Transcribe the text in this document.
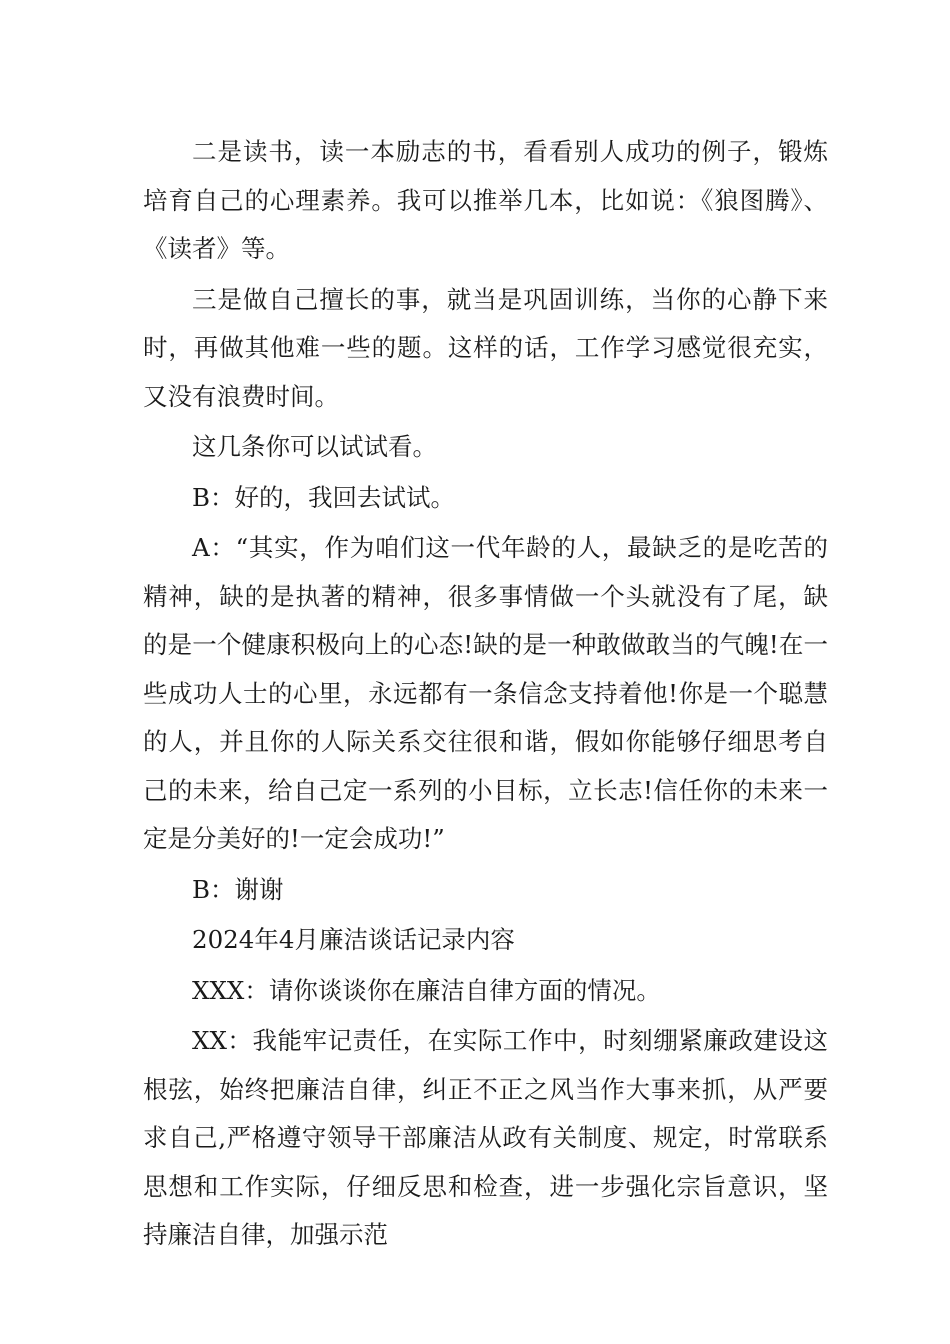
二是读书，读一本励志的书，看看别人成功的例子，锻炼培育自己的心理素养。我可以推举几本，比如说：《狼图腾》、《读者》等。

三是做自己擅长的事，就当是巩固训练，当你的心静下来时，再做其他难一些的题。这样的话，工作学习感觉很充实，又没有浪费时间。

这几条你可以试试看。

B：好的，我回去试试。

A：“其实，作为咱们这一代年龄的人，最缺乏的是吃苦的精神，缺的是执著的精神，很多事情做一个头就没有了尾，缺的是一个健康积极向上的心态!缺的是一种敢做敢当的气魄!在一些成功人士的心里，永远都有一条信念支持着他!你是一个聪慧的人，并且你的人际关系交往很和谐，假如你能够仔细思考自己的未来，给自己定一系列的小目标，立长志!信任你的未来一定是分美好的!一定会成功!”

B：谢谢

2024年4月廉洁谈话记录内容

XXX：请你谈谈你在廉洁自律方面的情况。

XX：我能牢记责任，在实际工作中，时刻绷紧廉政建设这根弦，始终把廉洁自律，纠正不正之风当作大事来抓，从严要求自己,严格遵守领导干部廉洁从政有关制度、规定，时常联系思想和工作实际，仔细反思和检查，进一步强化宗旨意识，坚持廉洁自律，加强示范
